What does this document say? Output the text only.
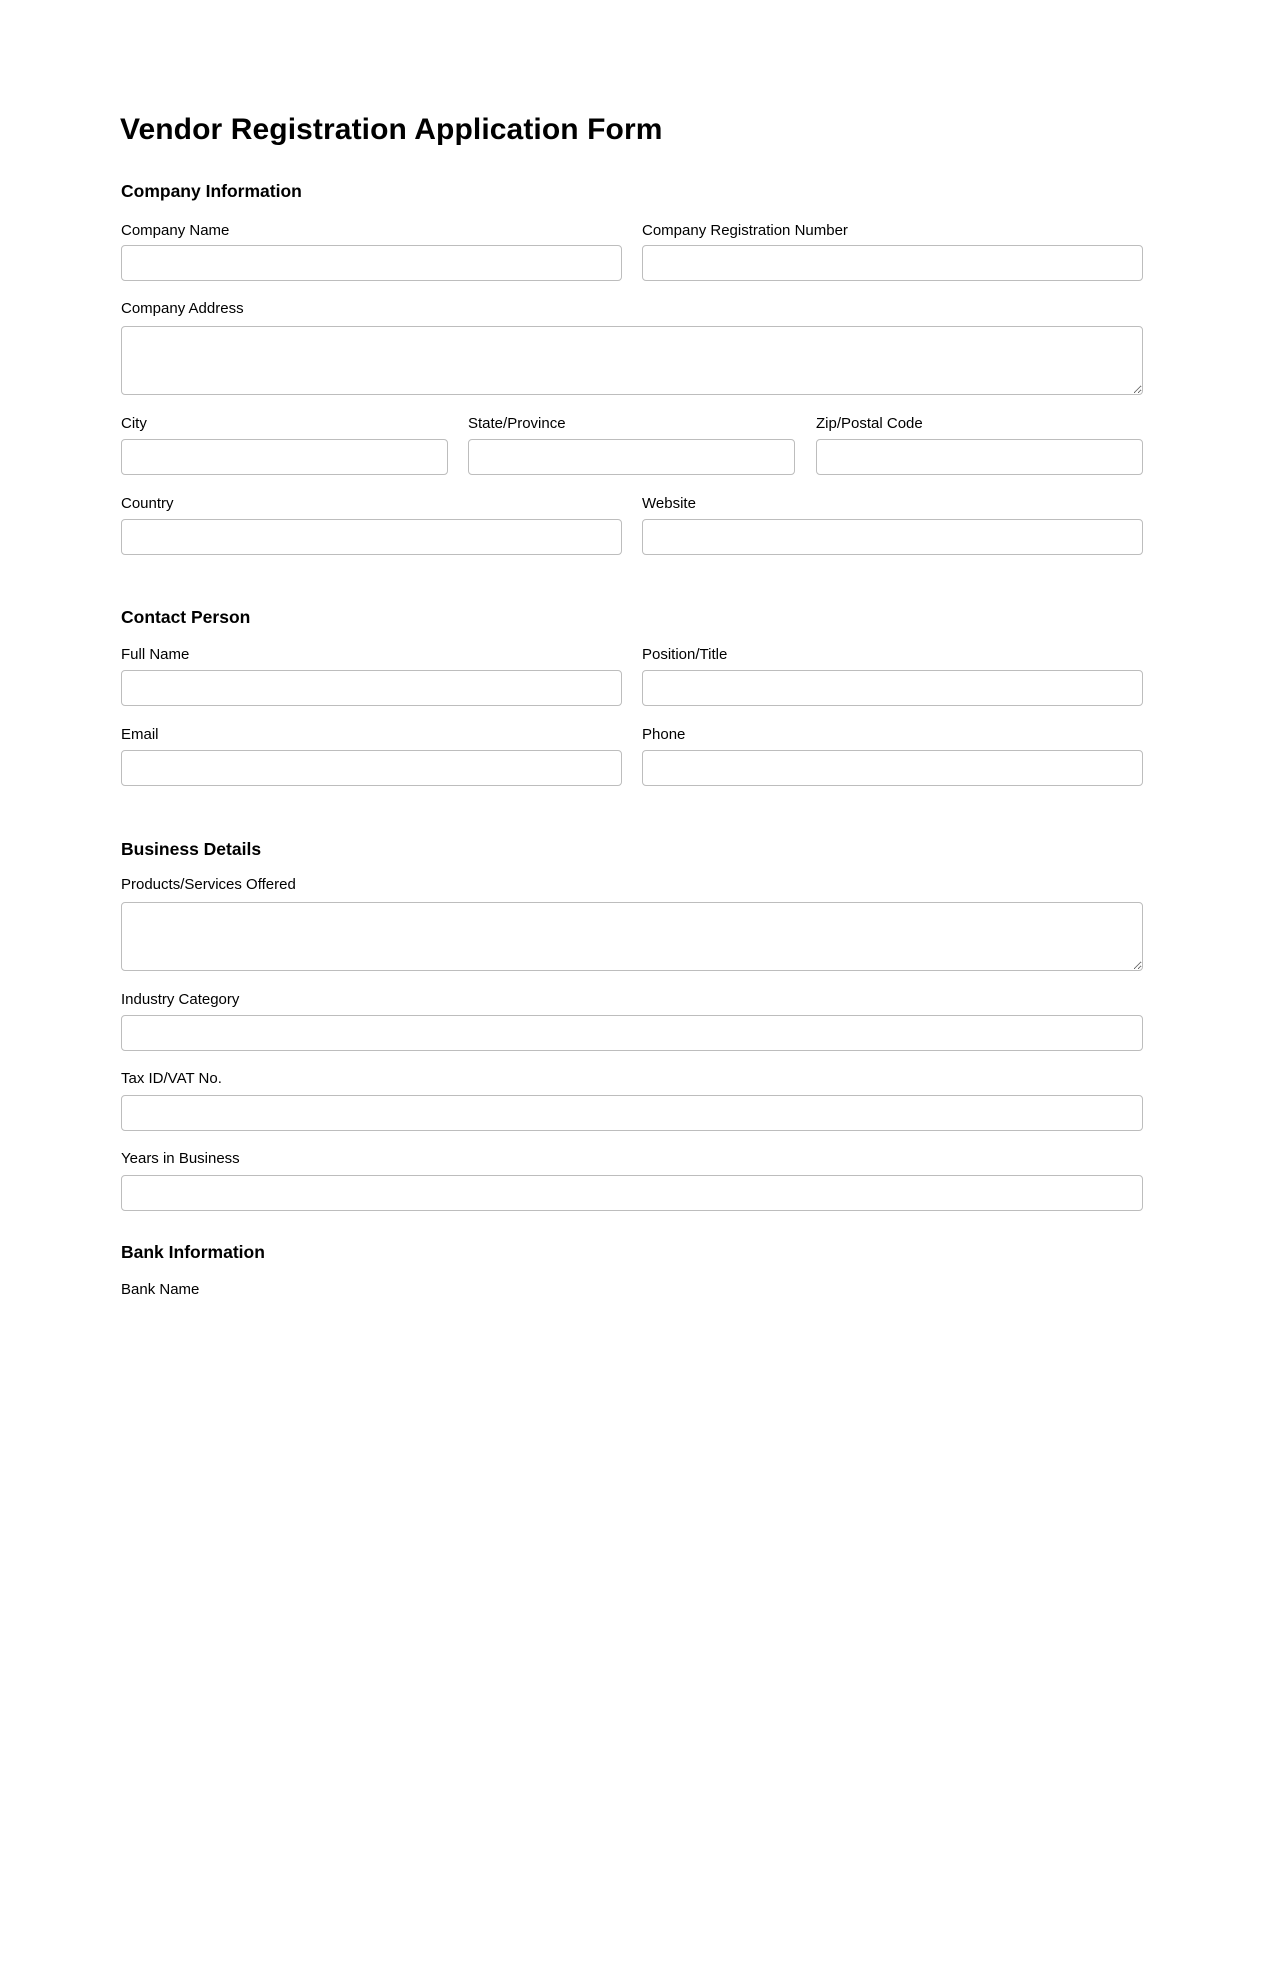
Vendor Registration Application Form
Company Information
Company Name	Company Registration Number
Company Address
City	State/Province	Zip/Postal Code
Country	Website
Contact Person
Full Name	Position/Title
Email	Phone
Business Details
Products/Services Offered
Industry Category
Tax ID/VAT No.
Years in Business
Bank Information
Bank Name
